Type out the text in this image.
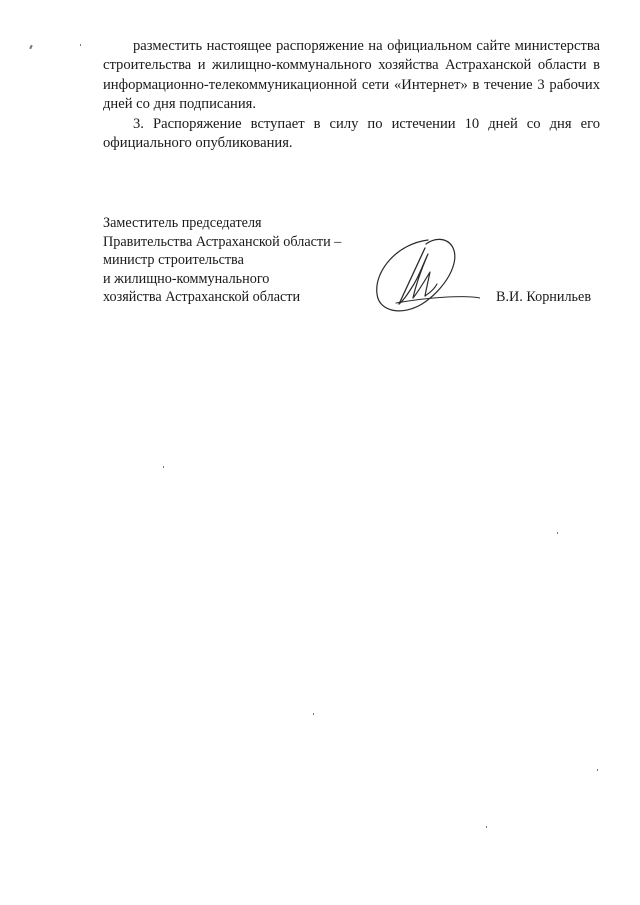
разместить настоящее распоряжение на официальном сайте министерства строительства и жилищно-коммунального хозяйства Астраханской области в информационно-телекоммуникационной сети «Интернет» в течение 3 рабочих дней со дня подписания.

3. Распоряжение вступает в силу по истечении 10 дней со дня его официального опубликования.

Заместитель председателя
Правительства Астраханской области –
министр строительства
и жилищно-коммунального
хозяйства Астраханской области	В.И. Корнильев
